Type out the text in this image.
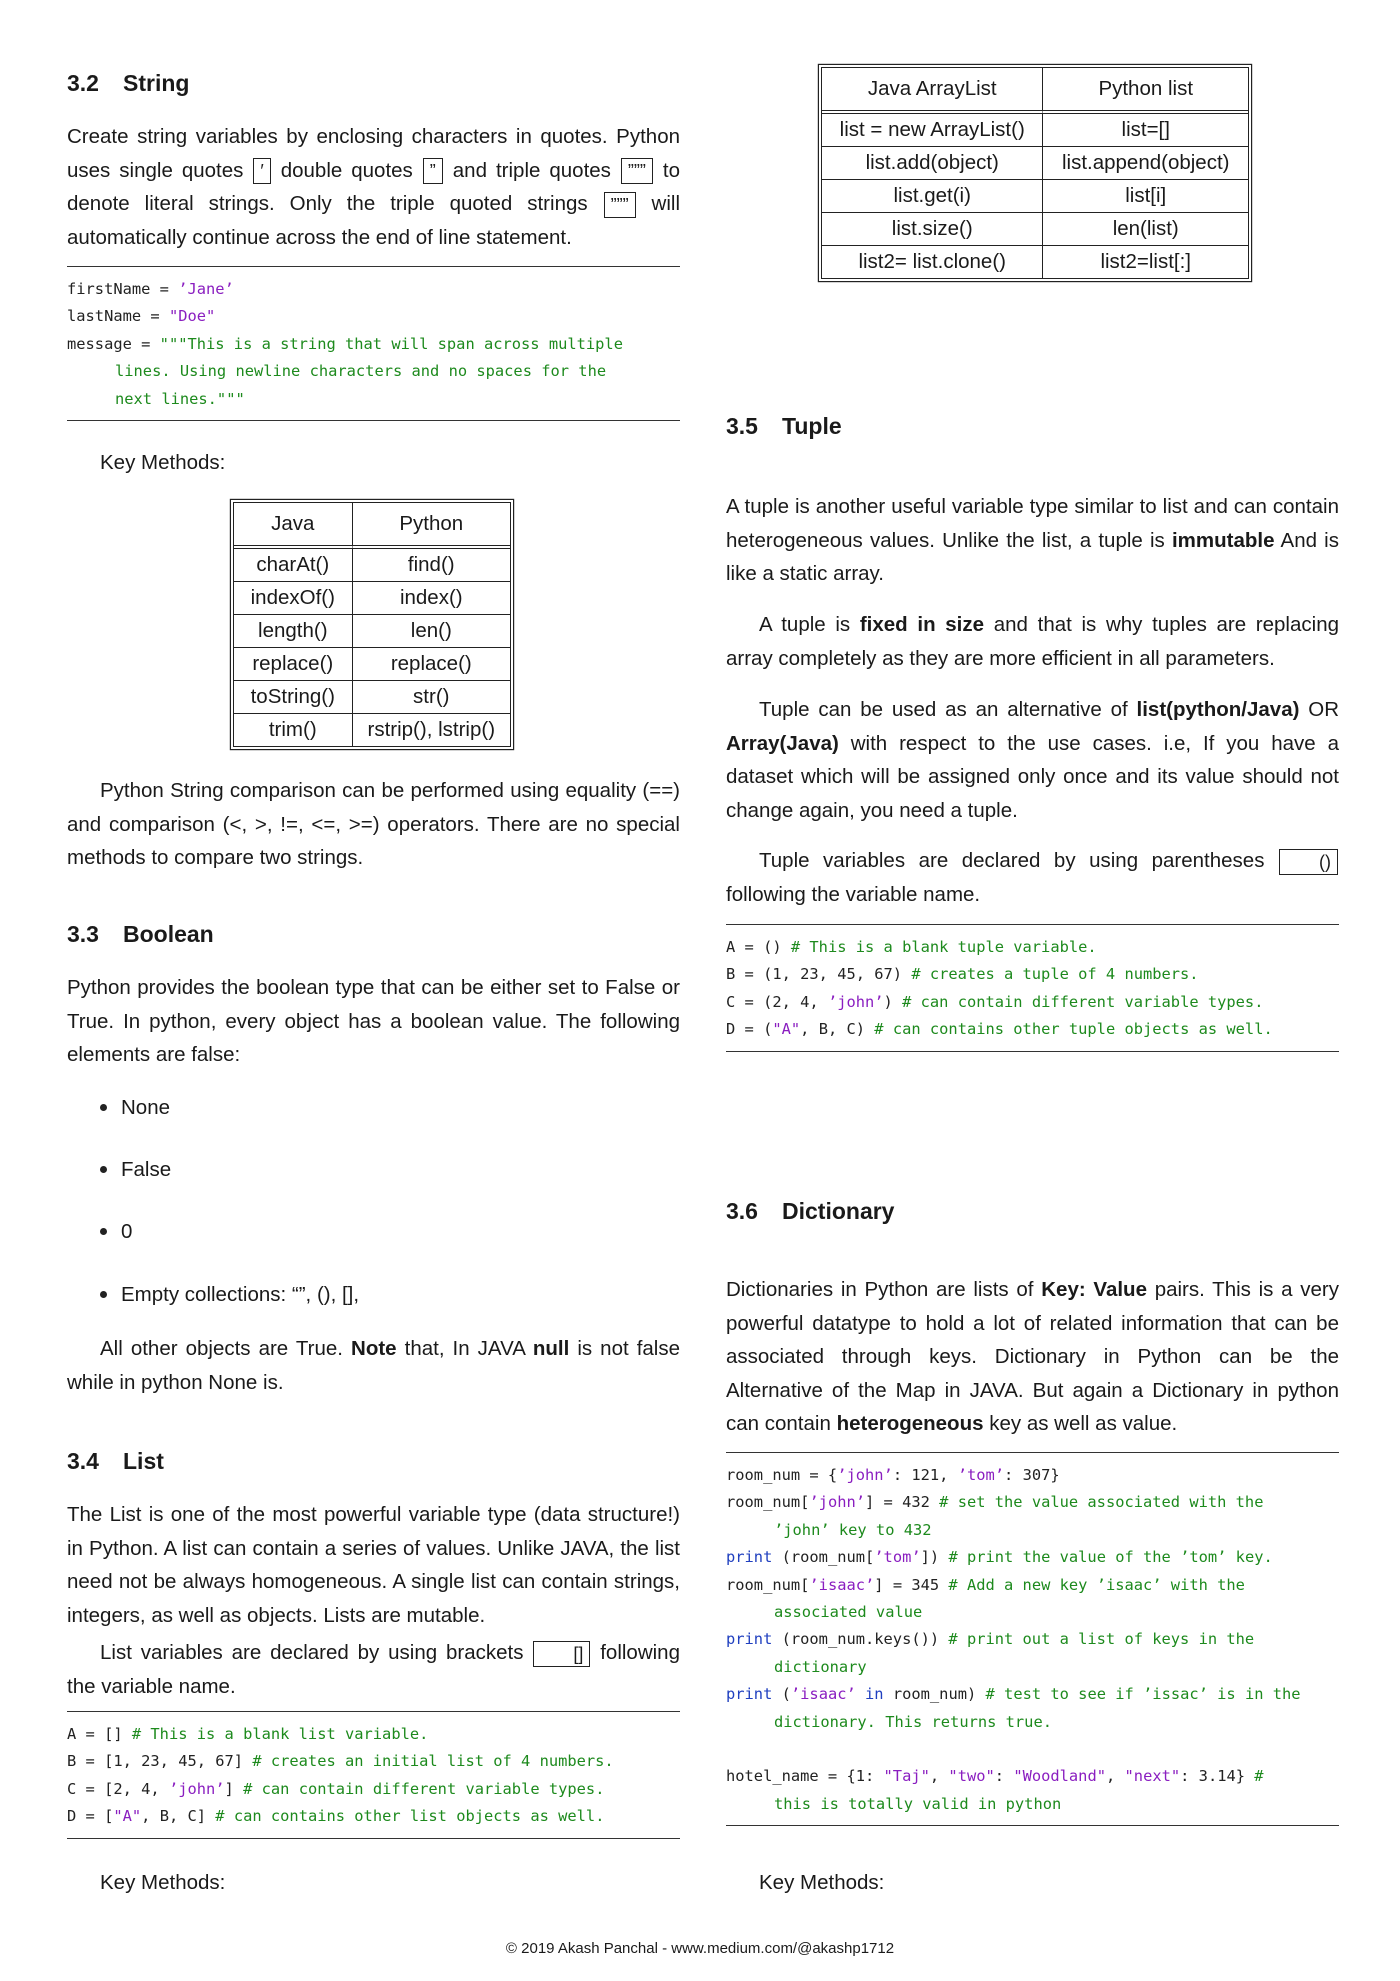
3.2 String

Create string variables by enclosing characters in quotes. Python uses single quotes ′ double quotes ” and triple quotes ””” to denote literal strings. Only the triple quoted strings ””” will automatically continue across the end of line statement.

firstName = ’Jane’
lastName = "Doe"
message = """This is a string that will span across multiple
lines. Using newline characters and no spaces for the
next lines."""

Key Methods:

Java	Python
charAt()	find()
indexOf()	index()
length()	len()
replace()	replace()
toString()	str()
trim()	rstrip(), lstrip()

Python String comparison can be performed using equality (==) and comparison (<, >, !=, <=, >=) operators. There are no special methods to compare two strings.

3.3 Boolean

Python provides the boolean type that can be either set to False or True. In python, every object has a boolean value. The following elements are false:

None
False
0
Empty collections: “”, (), [],

All other objects are True. Note that, In JAVA null is not false while in python None is.

3.4 List

The List is one of the most powerful variable type (data structure!) in Python. A list can contain a series of values. Unlike JAVA, the list need not be always homogeneous. A single list can contain strings, integers, as well as objects. Lists are mutable.

List variables are declared by using brackets	[] following the variable name.

A = [] # This is a blank list variable.
B = [1, 23, 45, 67] # creates an initial list of 4 numbers.
C = [2, 4, ’john’] # can contain different variable types.
D = ["A", B, C] # can contains other list objects as well.

Key Methods:

Java ArrayList	Python list
list = new ArrayList()	list=[]
list.add(object)	list.append(object)
list.get(i)	list[i]
list.size()	len(list)
list2= list.clone()	list2=list[:]
3.5 Tuple

A tuple is another useful variable type similar to list and can contain heterogeneous values. Unlike the list, a tuple is immutable And is like a static array.

A tuple is fixed in size and that is why tuples are replacing array completely as they are more efficient in all parameters.

Tuple can be used as an alternative of list(python/Java) OR Array(Java) with respect to the use cases. i.e, If you have a dataset which will be assigned only once and its value should not change again, you need a tuple.

Tuple variables are declared by using parentheses	() following the variable name.

A = () # This is a blank tuple variable.
B = (1, 23, 45, 67) # creates a tuple of 4 numbers.
C = (2, 4, ’john’) # can contain different variable types.
D = ("A", B, C) # can contains other tuple objects as well.
3.6 Dictionary

Dictionaries in Python are lists of Key: Value pairs. This is a very powerful datatype to hold a lot of related information that can be associated through keys. Dictionary in Python can be the Alternative of the Map in JAVA. But again a Dictionary in python can contain heterogeneous key as well as value.

room_num = {’john’: 121, ’tom’: 307}
room_num[’john’] = 432 # set the value associated with the
’john’ key to 432
print (room_num[’tom’]) # print the value of the ’tom’ key.
room_num[’isaac’] = 345 # Add a new key ’isaac’ with the
associated value
print (room_num.keys()) # print out a list of keys in the
dictionary
print (’isaac’ in room_num) # test to see if ’issac’ is in the
dictionary. This returns true.

hotel_name = {1: "Taj", "two": "Woodland", "next": 3.14} #
this is totally valid in python

Key Methods:

© 2019 Akash Panchal - www.medium.com/@akashp1712
